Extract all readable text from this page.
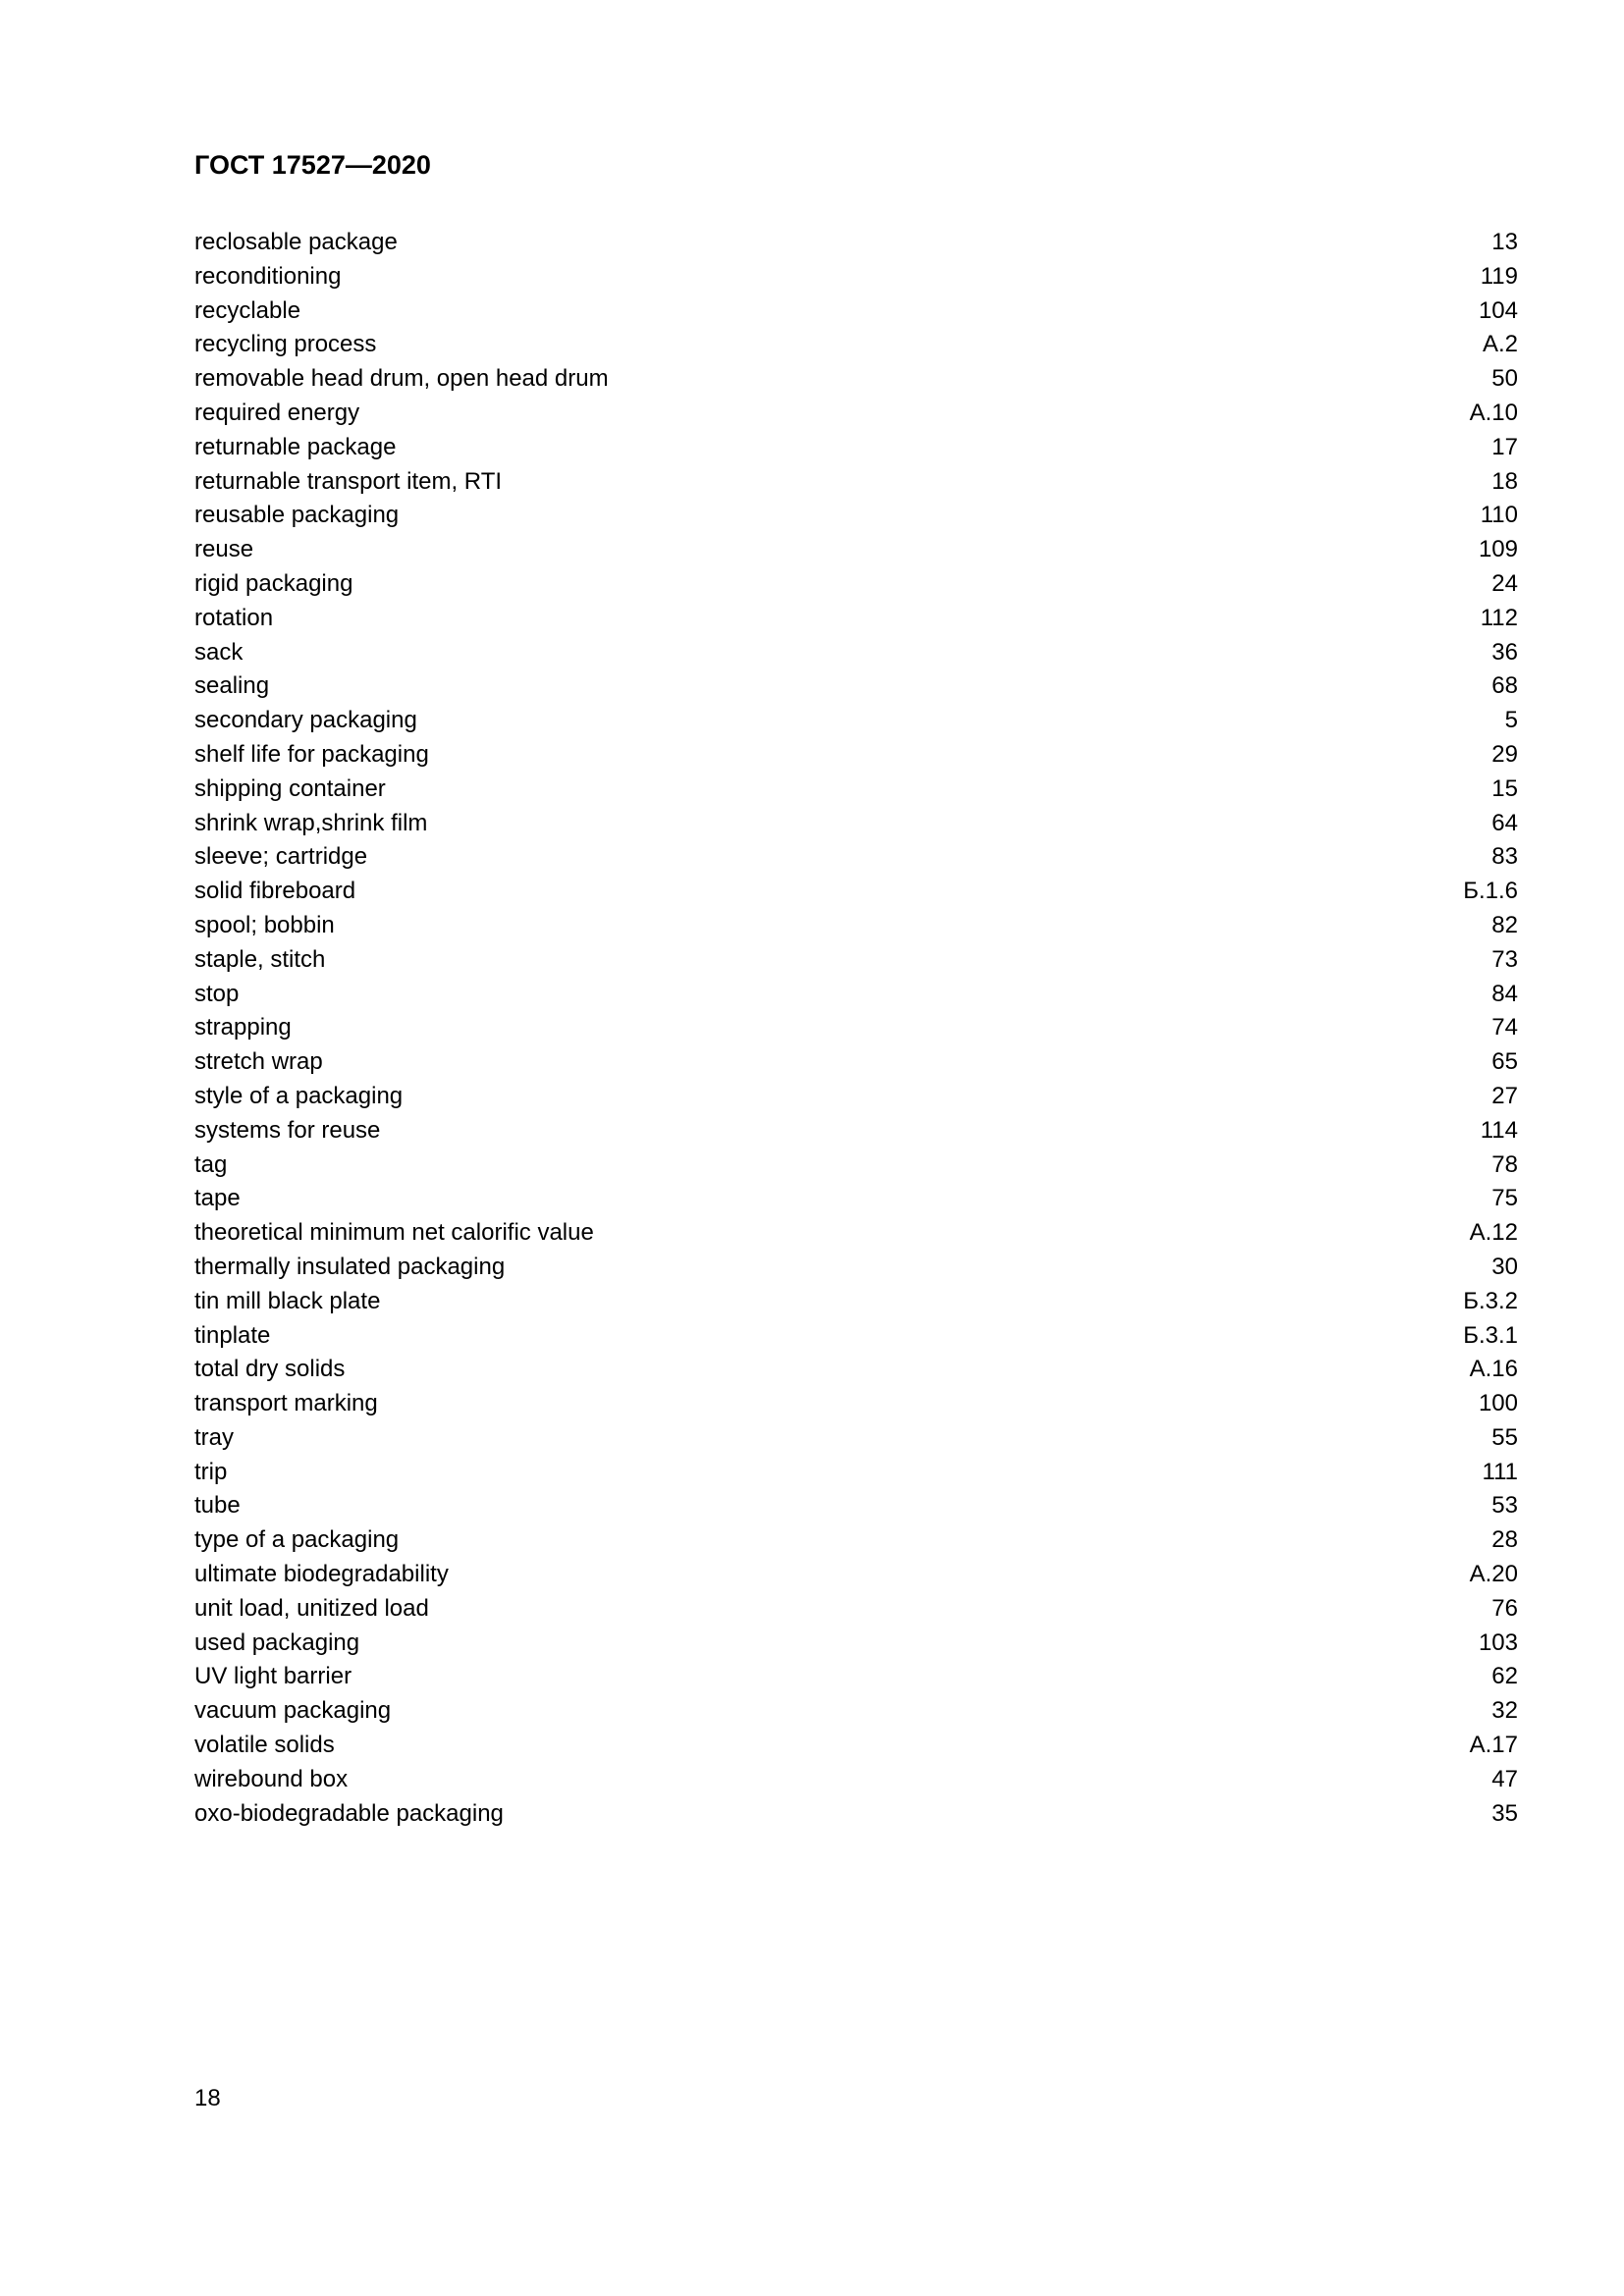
ГОСТ 17527—2020
reclosable package	13
reconditioning	119
recyclable	104
recycling process	A.2
removable head drum, open head drum	50
required energy	A.10
returnable package	17
returnable transport item, RTI	18
reusable packaging	110
reuse	109
rigid packaging	24
rotation	112
sack	36
sealing	68
secondary packaging	5
shelf life for packaging	29
shipping container	15
shrink wrap,shrink film	64
sleeve; cartridge	83
solid fibreboard	Б.1.6
spool; bobbin	82
staple, stitch	73
stop	84
strapping	74
stretch wrap	65
style of a packaging	27
systems for reuse	114
tag	78
tape	75
theoretical minimum net calorific value	A.12
thermally insulated packaging	30
tin mill black plate	Б.3.2
tinplate	Б.3.1
total dry solids	A.16
transport marking	100
tray	55
trip	111
tube	53
type of a packaging	28
ultimate biodegradability	A.20
unit load, unitized load	76
used packaging	103
UV light barrier	62
vacuum packaging	32
volatile solids	A.17
wirebound box	47
oxo-biodegradable packaging	35
18
